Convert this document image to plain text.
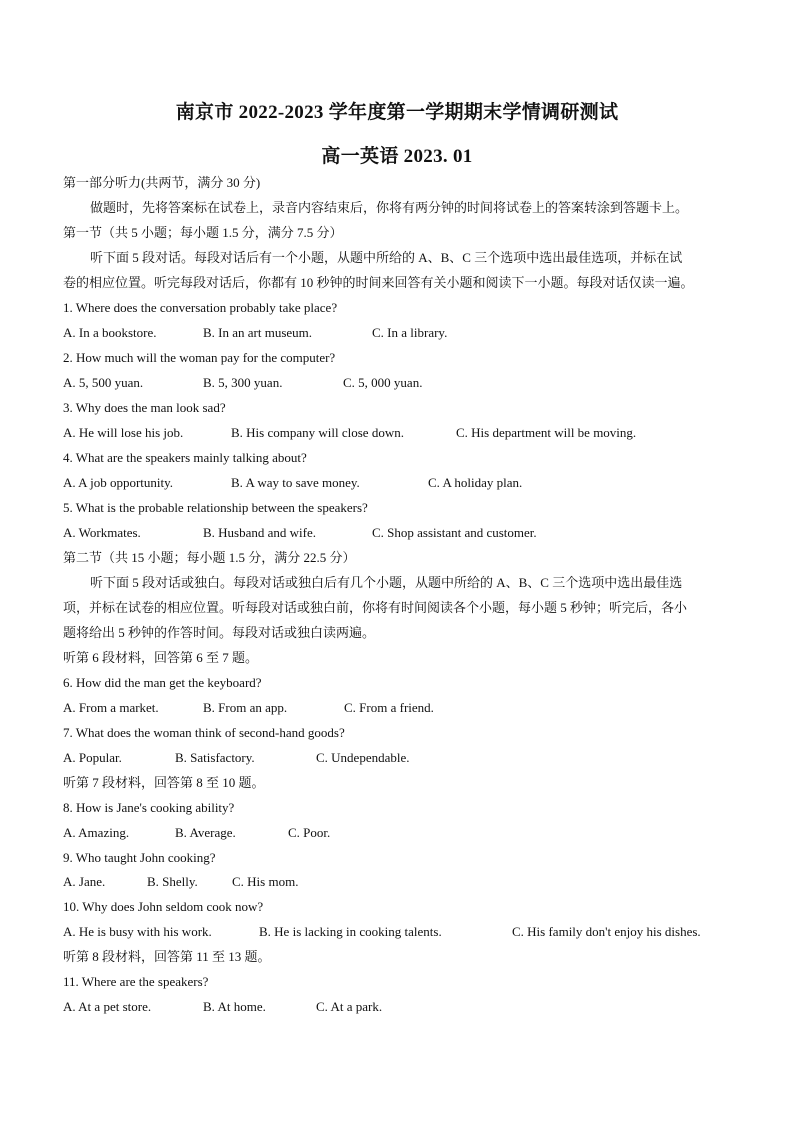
南京市 2022-2023 学年度第一学期期末学情调研测试
高一英语 2023. 01
第一部分听力(共两节，满分 30 分)
做题时，先将答案标在试卷上，录音内容结束后，你将有两分钟的时间将试卷上的答案转涂到答题卡上。
第一节（共 5 小题；每小题 1.5 分，满分 7.5 分）
听下面 5 段对话。每段对话后有一个小题，从题中所给的 A、B、C 三个选项中选出最佳选项，并标在试
卷的相应位置。听完每段对话后，你都有 10 秒钟的时间来回答有关小题和阅读下一小题。每段对话仅读一遍。
1. Where does the conversation probably take place?
A. In a bookstore.	B. In an art museum.	C. In a library.
2. How much will the woman pay for the computer?
A. 5, 500 yuan.	B. 5, 300 yuan.	C. 5, 000 yuan.
3. Why does the man look sad?
A. He will lose his job.	B. His company will close down.	C. His department will be moving.
4. What are the speakers mainly talking about?
A. A job opportunity.	B. A way to save money.	C. A holiday plan.
5. What is the probable relationship between the speakers?
A. Workmates.	B. Husband and wife.	C. Shop assistant and customer.
第二节（共 15 小题；每小题 1.5 分，满分 22.5 分）
听下面 5 段对话或独白。每段对话或独白后有几个小题，从题中所给的 A、B、C 三个选项中选出最佳选
项，并标在试卷的相应位置。听每段对话或独白前，你将有时间阅读各个小题，每小题 5 秒钟；听完后，各小
题将给出 5 秒钟的作答时间。每段对话或独白读两遍。
听第 6 段材料，回答第 6 至 7 题。
6. How did the man get the keyboard?
A. From a market.	B. From an app.	C. From a friend.
7. What does the woman think of second-hand goods?
A. Popular.	B. Satisfactory.	C. Undependable.
听第 7 段材料，回答第 8 至 10 题。
8. How is Jane's cooking ability?
A. Amazing.	B. Average.	C. Poor.
9. Who taught John cooking?
A. Jane.	B. Shelly.	C. His mom.
10. Why does John seldom cook now?
A. He is busy with his work.	B. He is lacking in cooking talents.	C. His family don't enjoy his dishes.
听第 8 段材料，回答第 11 至 13 题。
11. Where are the speakers?
A. At a pet store.	B. At home.	C. At a park.
